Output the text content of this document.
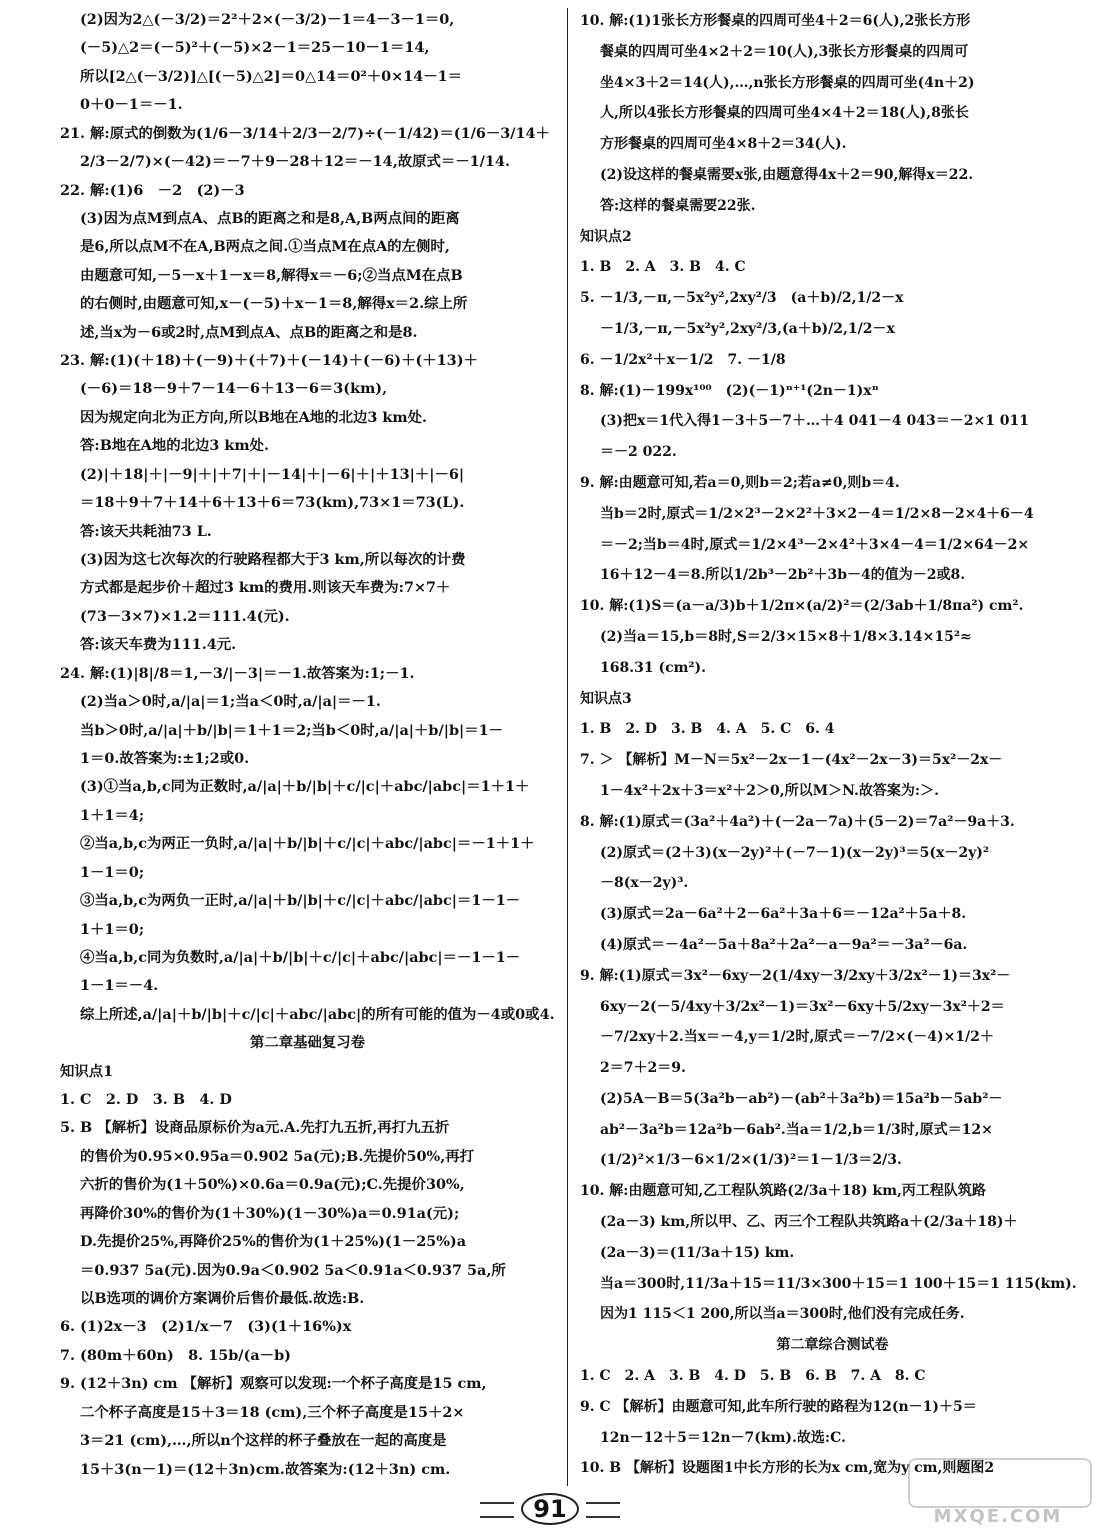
(2)因为2△(－3/2)＝2²＋2×(－3/2)－1＝4－3－1＝0,
(－5)△2＝(－5)²＋(－5)×2－1＝25－10－1＝14,
所以[2△(－3/2)]△[(－5)△2]＝0△14＝0²＋0×14－1＝
0＋0－1＝－1.
21. 解:原式的倒数为(1/6－3/14＋2/3－2/7)÷(－1/42)＝(1/6－3/14＋
2/3－2/7)×(－42)＝－7＋9－28＋12＝－14,故原式＝－1/14.
22. 解:(1)6　－2　(2)－3
(3)因为点M到点A、点B的距离之和是8,A,B两点间的距离
是6,所以点M不在A,B两点之间.①当点M在点A的左侧时,
由题意可知,－5－x＋1－x＝8,解得x＝－6;②当点M在点B
的右侧时,由题意可知,x－(－5)＋x－1＝8,解得x＝2.综上所
述,当x为－6或2时,点M到点A、点B的距离之和是8.
23. 解:(1)(＋18)＋(－9)＋(＋7)＋(－14)＋(－6)＋(＋13)＋
(－6)＝18－9＋7－14－6＋13－6＝3(km),
因为规定向北为正方向,所以B地在A地的北边3 km处.
答:B地在A地的北边3 km处.
(2)|＋18|＋|－9|＋|＋7|＋|－14|＋|－6|＋|＋13|＋|－6|
＝18＋9＋7＋14＋6＋13＋6＝73(km),73×1＝73(L).
答:该天共耗油73 L.
(3)因为这七次每次的行驶路程都大于3 km,所以每次的计费
方式都是起步价＋超过3 km的费用.则该天车费为:7×7＋
(73－3×7)×1.2＝111.4(元).
答:该天车费为111.4元.
24. 解:(1)|8|/8＝1,－3/|－3|＝－1.故答案为:1;－1.
(2)当a＞0时,a/|a|＝1;当a＜0时,a/|a|＝－1.
当b＞0时,a/|a|＋b/|b|＝1＋1＝2;当b＜0时,a/|a|＋b/|b|＝1－
1＝0.故答案为:±1;2或0.
(3)①当a,b,c同为正数时,a/|a|＋b/|b|＋c/|c|＋abc/|abc|＝1＋1＋
1＋1＝4;
②当a,b,c为两正一负时,a/|a|＋b/|b|＋c/|c|＋abc/|abc|＝－1＋1＋
1－1＝0;
③当a,b,c为两负一正时,a/|a|＋b/|b|＋c/|c|＋abc/|abc|＝1－1－
1＋1＝0;
④当a,b,c同为负数时,a/|a|＋b/|b|＋c/|c|＋abc/|abc|＝－1－1－
1－1＝－4.
综上所述,a/|a|＋b/|b|＋c/|c|＋abc/|abc|的所有可能的值为－4或0或4.
第二章基础复习卷
知识点1
1. C　2. D　3. B　4. D
5. B 【解析】设商品原标价为a元.A.先打九五折,再打九五折
的售价为0.95×0.95a＝0.902 5a(元);B.先提价50%,再打
六折的售价为(1＋50%)×0.6a＝0.9a(元);C.先提价30%,
再降价30%的售价为(1＋30%)(1－30%)a＝0.91a(元);
D.先提价25%,再降价25%的售价为(1＋25%)(1－25%)a
＝0.937 5a(元).因为0.9a＜0.902 5a＜0.91a＜0.937 5a,所
以B选项的调价方案调价后售价最低.故选:B.
6. (1)2x－3　(2)1/x－7　(3)(1＋16%)x
7. (80m＋60n)　8. 15b/(a－b)
9. (12＋3n) cm 【解析】观察可以发现:一个杯子高度是15 cm,
二个杯子高度是15＋3＝18 (cm),三个杯子高度是15＋2×
3＝21 (cm),…,所以n个这样的杯子叠放在一起的高度是
15＋3(n－1)＝(12＋3n)cm.故答案为:(12＋3n) cm.
10. 解:(1)1张长方形餐桌的四周可坐4＋2＝6(人),2张长方形
餐桌的四周可坐4×2＋2＝10(人),3张长方形餐桌的四周可
坐4×3＋2＝14(人),…,n张长方形餐桌的四周可坐(4n＋2)
人,所以4张长方形餐桌的四周可坐4×4＋2＝18(人),8张长
方形餐桌的四周可坐4×8＋2＝34(人).
(2)设这样的餐桌需要x张,由题意得4x＋2＝90,解得x＝22.
答:这样的餐桌需要22张.
知识点2
1. B　2. A　3. B　4. C
5. －1/3,－π,－5x²y²,2xy²/3　(a＋b)/2,1/2－x
－1/3,－π,－5x²y²,2xy²/3,(a＋b)/2,1/2－x
6. －1/2x²＋x－1/2　7. －1/8
8. 解:(1)－199x¹⁰⁰　(2)(－1)ⁿ⁺¹(2n－1)xⁿ
(3)把x＝1代入得1－3＋5－7＋…＋4 041－4 043＝－2×1 011
＝－2 022.
9. 解:由题意可知,若a＝0,则b＝2;若a≠0,则b＝4.
当b＝2时,原式＝1/2×2³－2×2²＋3×2－4＝1/2×8－2×4＋6－4
＝－2;当b＝4时,原式＝1/2×4³－2×4²＋3×4－4＝1/2×64－2×
16＋12－4＝8.所以1/2b³－2b²＋3b－4的值为－2或8.
10. 解:(1)S＝(a－a/3)b＋1/2π×(a/2)²＝(2/3ab＋1/8πa²) cm².
(2)当a＝15,b＝8时,S＝2/3×15×8＋1/8×3.14×15²≈
168.31 (cm²).
知识点3
1. B　2. D　3. B　4. A　5. C　6. 4
7. ＞ 【解析】M－N＝5x²－2x－1－(4x²－2x－3)＝5x²－2x－
1－4x²＋2x＋3＝x²＋2＞0,所以M＞N.故答案为:＞.
8. 解:(1)原式＝(3a²＋4a²)＋(－2a－7a)＋(5－2)＝7a²－9a＋3.
(2)原式＝(2＋3)(x－2y)²＋(－7－1)(x－2y)³＝5(x－2y)²
－8(x－2y)³.
(3)原式＝2a－6a²＋2－6a²＋3a＋6＝－12a²＋5a＋8.
(4)原式＝－4a²－5a＋8a²＋2a²－a－9a²＝－3a²－6a.
9. 解:(1)原式＝3x²－6xy－2(1/4xy－3/2xy＋3/2x²－1)＝3x²－
6xy－2(－5/4xy＋3/2x²－1)＝3x²－6xy＋5/2xy－3x²＋2＝
－7/2xy＋2.当x＝－4,y＝1/2时,原式＝－7/2×(－4)×1/2＋
2＝7＋2＝9.
(2)5A－B＝5(3a²b－ab²)－(ab²＋3a²b)＝15a²b－5ab²－
ab²－3a²b＝12a²b－6ab².当a＝1/2,b＝1/3时,原式＝12×
(1/2)²×1/3－6×1/2×(1/3)²＝1－1/3＝2/3.
10. 解:由题意可知,乙工程队筑路(2/3a＋18) km,丙工程队筑路
(2a－3) km,所以甲、乙、丙三个工程队共筑路a＋(2/3a＋18)＋
(2a－3)＝(11/3a＋15) km.
当a＝300时,11/3a＋15＝11/3×300＋15＝1 100＋15＝1 115(km).
因为1 115＜1 200,所以当a＝300时,他们没有完成任务.
第二章综合测试卷
1. C　2. A　3. B　4. D　5. B　6. B　7. A　8. C
9. C 【解析】由题意可知,此车所行驶的路程为12(n－1)＋5＝
12n－12＋5＝12n－7(km).故选:C.
10. B 【解析】设题图1中长方形的长为x cm,宽为y cm,则题图2
91	MXQE.COM
